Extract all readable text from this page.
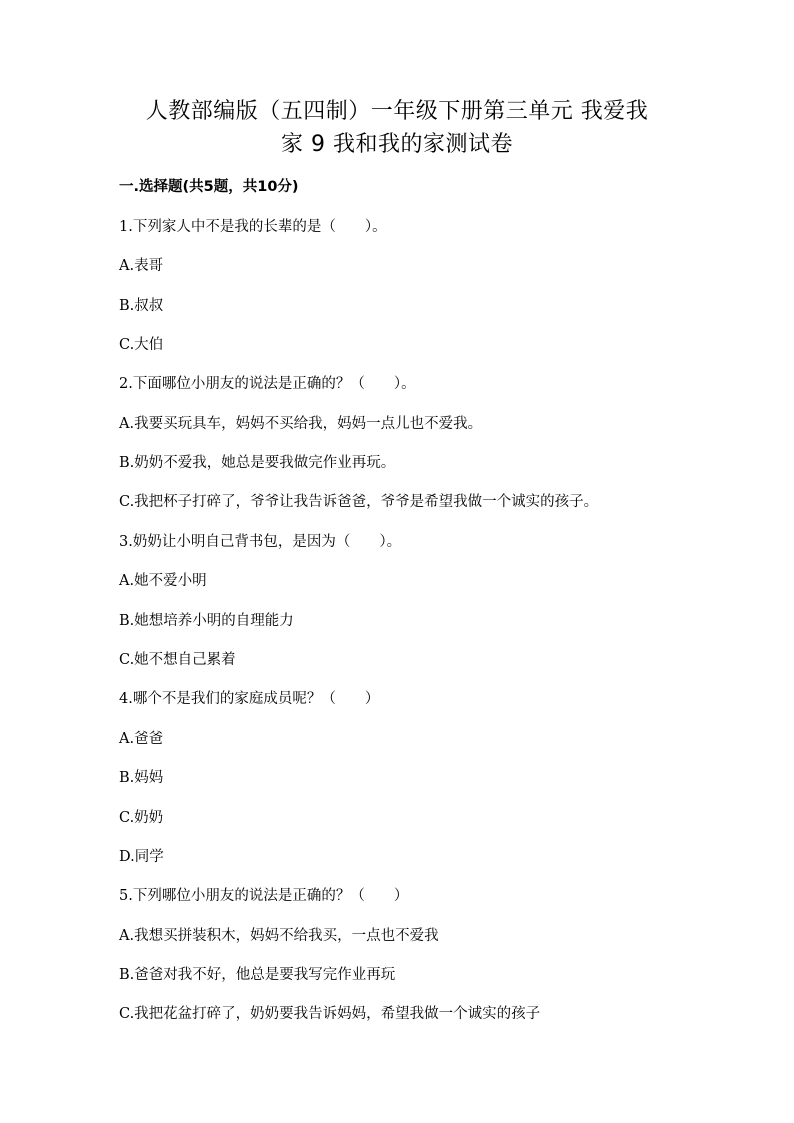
人教部编版（五四制）一年级下册第三单元 我爱我
家 9 我和我的家测试卷
一.选择题(共5题，共10分)
1.下列家人中不是我的长辈的是（　　）。
A.表哥
B.叔叔
C.大伯
2.下面哪位小朋友的说法是正确的？（　　）。
A.我要买玩具车，妈妈不买给我，妈妈一点儿也不爱我。
B.奶奶不爱我，她总是要我做完作业再玩。
C.我把杯子打碎了，爷爷让我告诉爸爸，爷爷是希望我做一个诚实的孩子。
3.奶奶让小明自己背书包，是因为（　　）。
A.她不爱小明
B.她想培养小明的自理能力
C.她不想自己累着
4.哪个不是我们的家庭成员呢？（　　）
A.爸爸
B.妈妈
C.奶奶
D.同学
5.下列哪位小朋友的说法是正确的？（　　）
A.我想买拼装积木，妈妈不给我买，一点也不爱我
B.爸爸对我不好，他总是要我写完作业再玩
C.我把花盆打碎了，奶奶要我告诉妈妈，希望我做一个诚实的孩子
